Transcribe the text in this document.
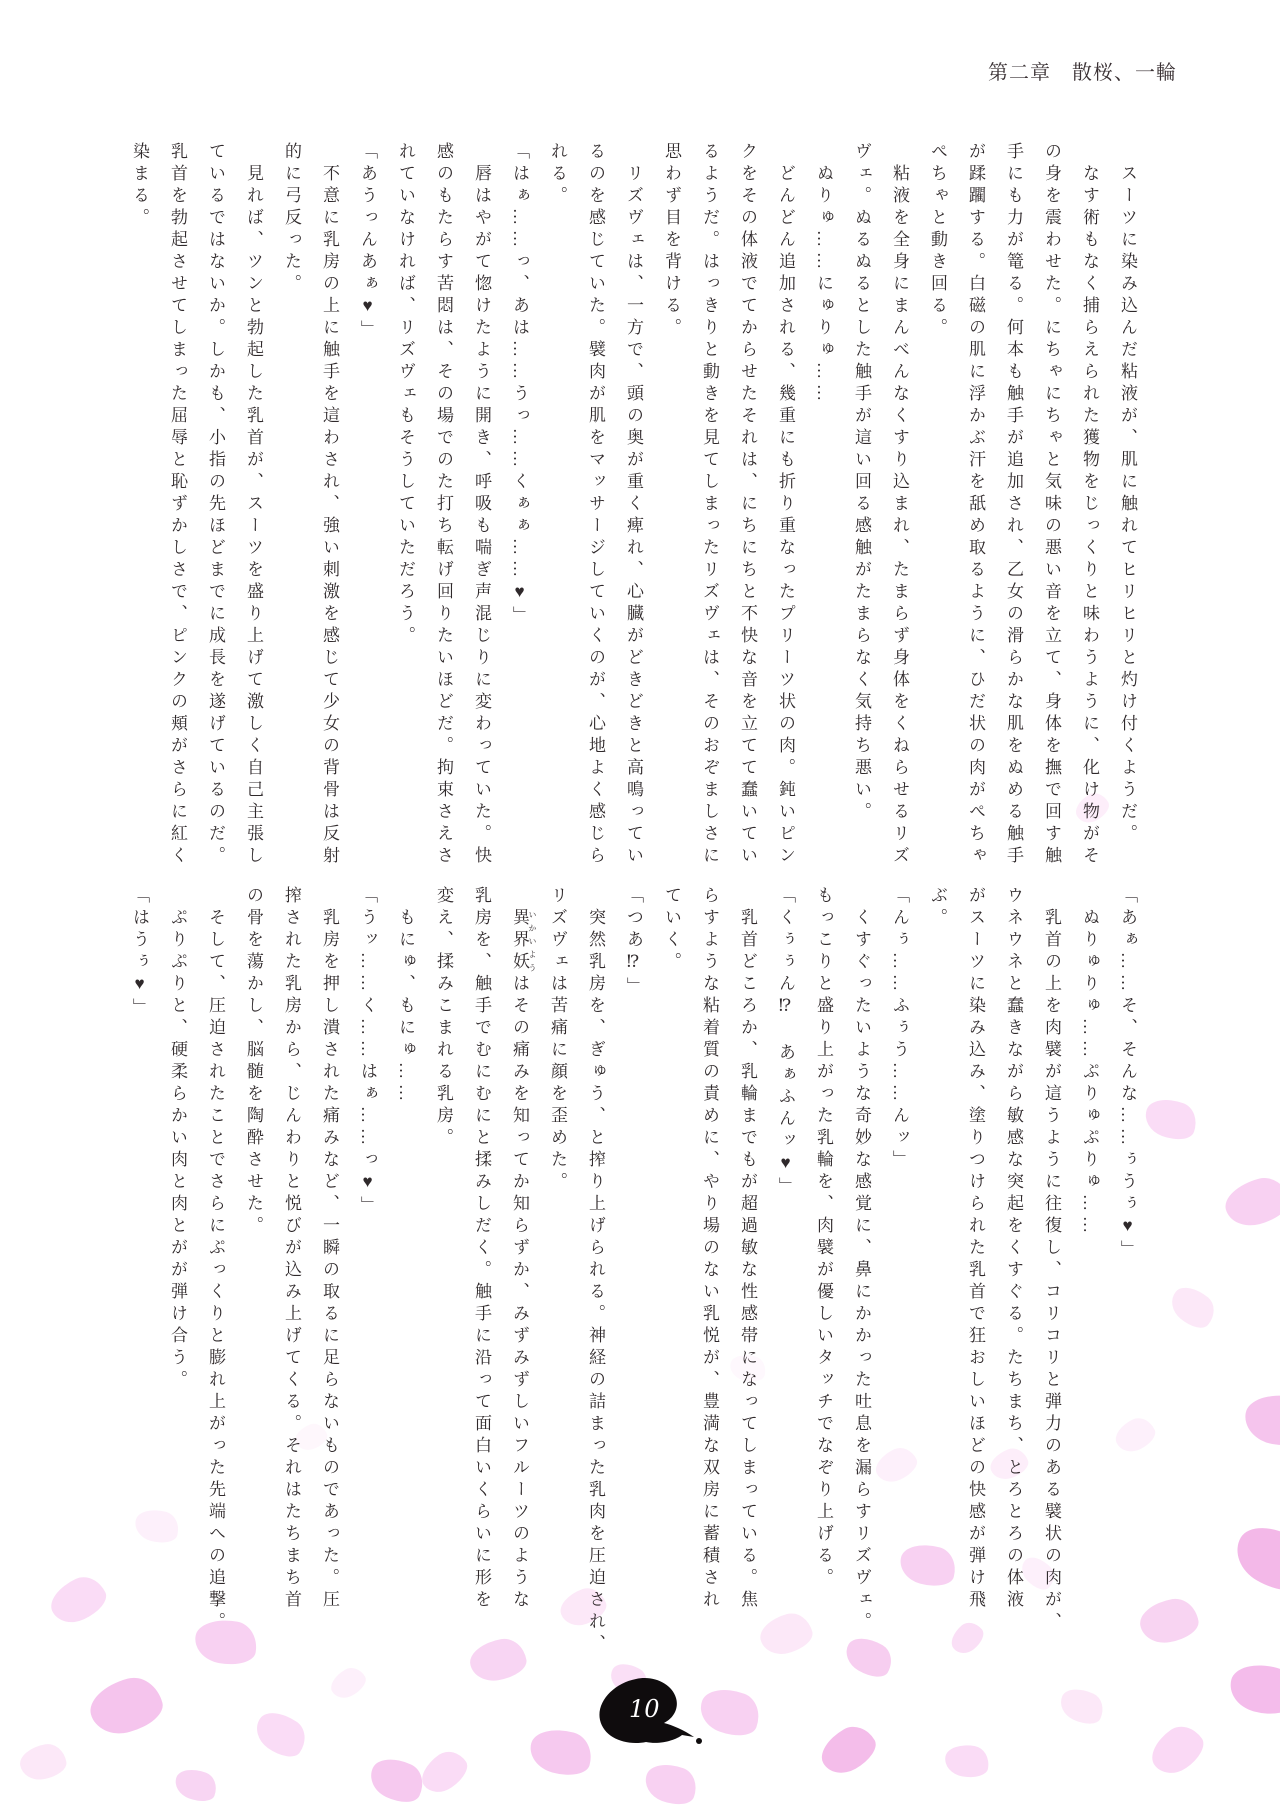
第二章　散桜、一輪
スーツに染み込んだ粘液が、肌に触れてヒリヒリと灼け付くようだ。
なす術もなく捕らえられた獲物をじっくりと味わうように、化け物がそ
の身を震わせた。にちゃにちゃと気味の悪い音を立て、身体を撫で回す触
手にも力が篭る。何本も触手が追加され、乙女の滑らかな肌をぬめる触手
が蹂躙する。白磁の肌に浮かぶ汗を舐め取るように、ひだ状の肉がぺちゃ
ぺちゃと動き回る。
粘液を全身にまんべんなくすり込まれ、たまらず身体をくねらせるリズ
ヴェ。ぬるぬるとした触手が這い回る感触がたまらなく気持ち悪い。
ぬりゅ……にゅりゅ……
どんどん追加される、幾重にも折り重なったプリーツ状の肉。鈍いピン
クをその体液でてからせたそれは、にちにちと不快な音を立てて蠢いてい
るようだ。はっきりと動きを見てしまったリズヴェは、そのおぞましさに
思わず目を背ける。
リズヴェは、一方で、頭の奥が重く痺れ、心臓がどきどきと高鳴ってい
るのを感じていた。襞肉が肌をマッサージしていくのが、心地よく感じら
れる。
「はぁ……っ、あは……うっ……くぁぁ……♥」
唇はやがて惚けたように開き、呼吸も喘ぎ声混じりに変わっていた。快
感のもたらす苦悶は、その場でのた打ち転げ回りたいほどだ。拘束さえさ
れていなければ、リズヴェもそうしていただろう。
「あうっんあぁ♥」
不意に乳房の上に触手を這わされ、強い刺激を感じて少女の背骨は反射
的に弓反った。
見れば、ツンと勃起した乳首が、スーツを盛り上げて激しく自己主張し
ているではないか。しかも、小指の先ほどまでに成長を遂げているのだ。
乳首を勃起させてしまった屈辱と恥ずかしさで、ピンクの頬がさらに紅く
染まる。
「あぁ……そ、そんな……ぅうぅ♥」
ぬりゅりゅ……ぷりゅぷりゅ……
乳首の上を肉襞が這うように往復し、コリコリと弾力のある襞状の肉が、
ウネウネと蠢きながら敏感な突起をくすぐる。たちまち、とろとろの体液
がスーツに染み込み、塗りつけられた乳首で狂おしいほどの快感が弾け飛
ぶ。
「んぅ……ふぅう……んッ」
くすぐったいような奇妙な感覚に、鼻にかかった吐息を漏らすリズヴェ。
もっこりと盛り上がった乳輪を、肉襞が優しいタッチでなぞり上げる。
「くぅぅん⁉　あぁふんッ♥」
乳首どころか、乳輪までもが超過敏な性感帯になってしまっている。焦
らすような粘着質の責めに、やり場のない乳悦が、豊満な双房に蓄積され
ていく。
「つあ⁉」
突然乳房を、ぎゅう、と搾り上げられる。神経の詰まった乳肉を圧迫され、
リズヴェは苦痛に顔を歪めた。
異界妖 いかいようはその痛みを知ってか知らずか、みずみずしいフルーツのような
乳房を、触手でむにむにと揉みしだく。触手に沿って面白いくらいに形を
変え、揉みこまれる乳房。
もにゅ、もにゅ……
「うッ……く……はぁ……っ♥」
乳房を押し潰された痛みなど、一瞬の取るに足らないものであった。圧
搾された乳房から、じんわりと悦びが込み上げてくる。それはたちまち首
の骨を蕩かし、脳髄を陶酔させた。
そして、圧迫されたことでさらにぷっくりと膨れ上がった先端への追撃。
ぷりぷりと、硬柔らかい肉と肉とがが弾け合う。
「はうぅ♥」
10
